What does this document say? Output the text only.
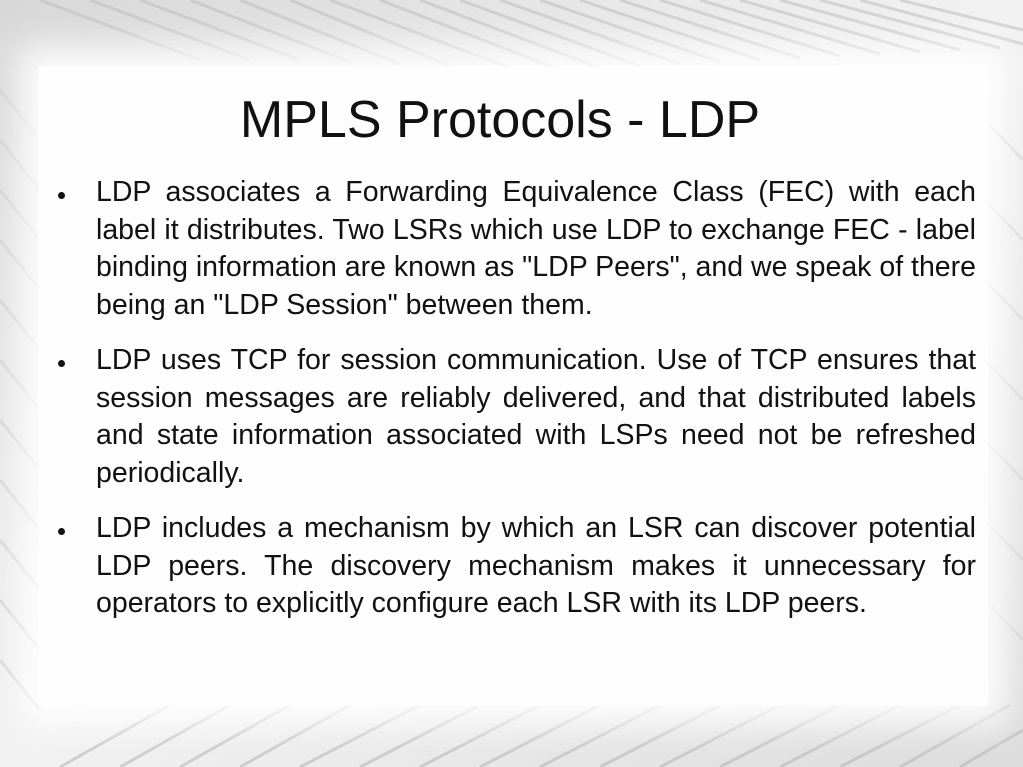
MPLS Protocols - LDP
LDP associates a Forwarding Equivalence Class (FEC) with each label it distributes. Two LSRs which use LDP to exchange FEC - label binding information are known as "LDP Peers", and we speak of there being an "LDP Session" between them.
LDP uses TCP for session communication. Use of TCP ensures that session messages are reliably delivered, and that distributed labels and state information associated with LSPs need not be refreshed periodically.
LDP includes a mechanism by which an LSR can discover potential LDP peers. The discovery mechanism makes it unnecessary for operators to explicitly configure each LSR with its LDP peers.
